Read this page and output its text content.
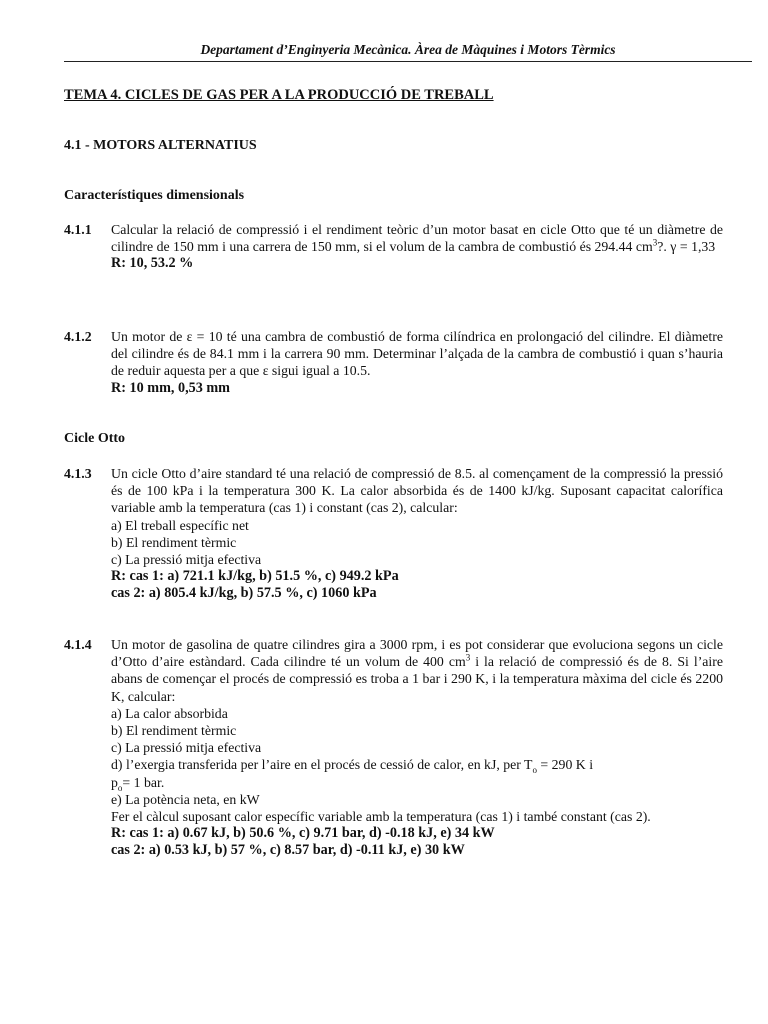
Departament d’Enginyeria Mecànica. Àrea de Màquines i Motors Tèrmics
TEMA 4. CICLES DE GAS PER A LA PRODUCCIÓ DE TREBALL
4.1 - MOTORS ALTERNATIUS
Característiques dimensionals
4.1.1 Calcular la relació de compressió i el rendiment teòric d’un motor basat en cicle Otto que té un diàmetre de cilindre de 150 mm i una carrera de 150 mm, si el volum de la cambra de combustió és 294.44 $cm^3$?. γ = 1,33

R: 10, 53.2 %

4.1.2 Un motor de ε = 10 té una cambra de combustió de forma cilíndrica en prolongació del cilindre. El diàmetre del cilindre és de 84.1 mm i la carrera 90 mm. Determinar l’alçada de la cambra de combustió i quan s’hauria de reduir aquesta per a que ε sigui igual a 10.5.

R: 10 mm, 0,53 mm

Cicle Otto
4.1.3 Un cicle Otto d’aire standard té una relació de compressió de 8.5. al començament de la compressió la pressió és de 100 kPa i la temperatura 300 K. La calor absorbida és de 1400 kJ/kg. Suposant capacitat calorífica variable amb la temperatura (cas 1) i constant (cas 2), calcular:

a) El treball específic net

b) El rendiment tèrmic

c) La pressió mitja efectiva

R: cas 1: a) 721.1 kJ/kg, b) 51.5 %, c) 949.2 kPa

cas 2: a) 805.4 kJ/kg, b) 57.5 %, c) 1060 kPa

4.1.4 Un motor de gasolina de quatre cilindres gira a 3000 rpm, i es pot considerar que evoluciona segons un cicle d’Otto d’aire estàndard. Cada cilindre té un volum de 400 $cm^3$ i la relació de compressió és de 8. Si l’aire abans de començar el procés de compressió es troba a 1 bar i 290 K, i la temperatura màxima del cicle és 2200 K, calcular:

a) La calor absorbida

b) El rendiment tèrmic

c) La pressió mitja efectiva

d) l’exergia transferida per l’aire en el procés de cessió de calor, en kJ, per $T_o = 290$ K i

$p_o= 1$ bar.

e) La potència neta, en kW

Fer el càlcul suposant calor específic variable amb la temperatura (cas 1) i també constant (cas 2).

R: cas 1: a) 0.67 kJ, b) 50.6 %, c) 9.71 bar, d) -0.18 kJ, e) 34 kW

cas 2: a) 0.53 kJ, b) 57 %, c) 8.57 bar, d) -0.11 kJ, e) 30 kW
